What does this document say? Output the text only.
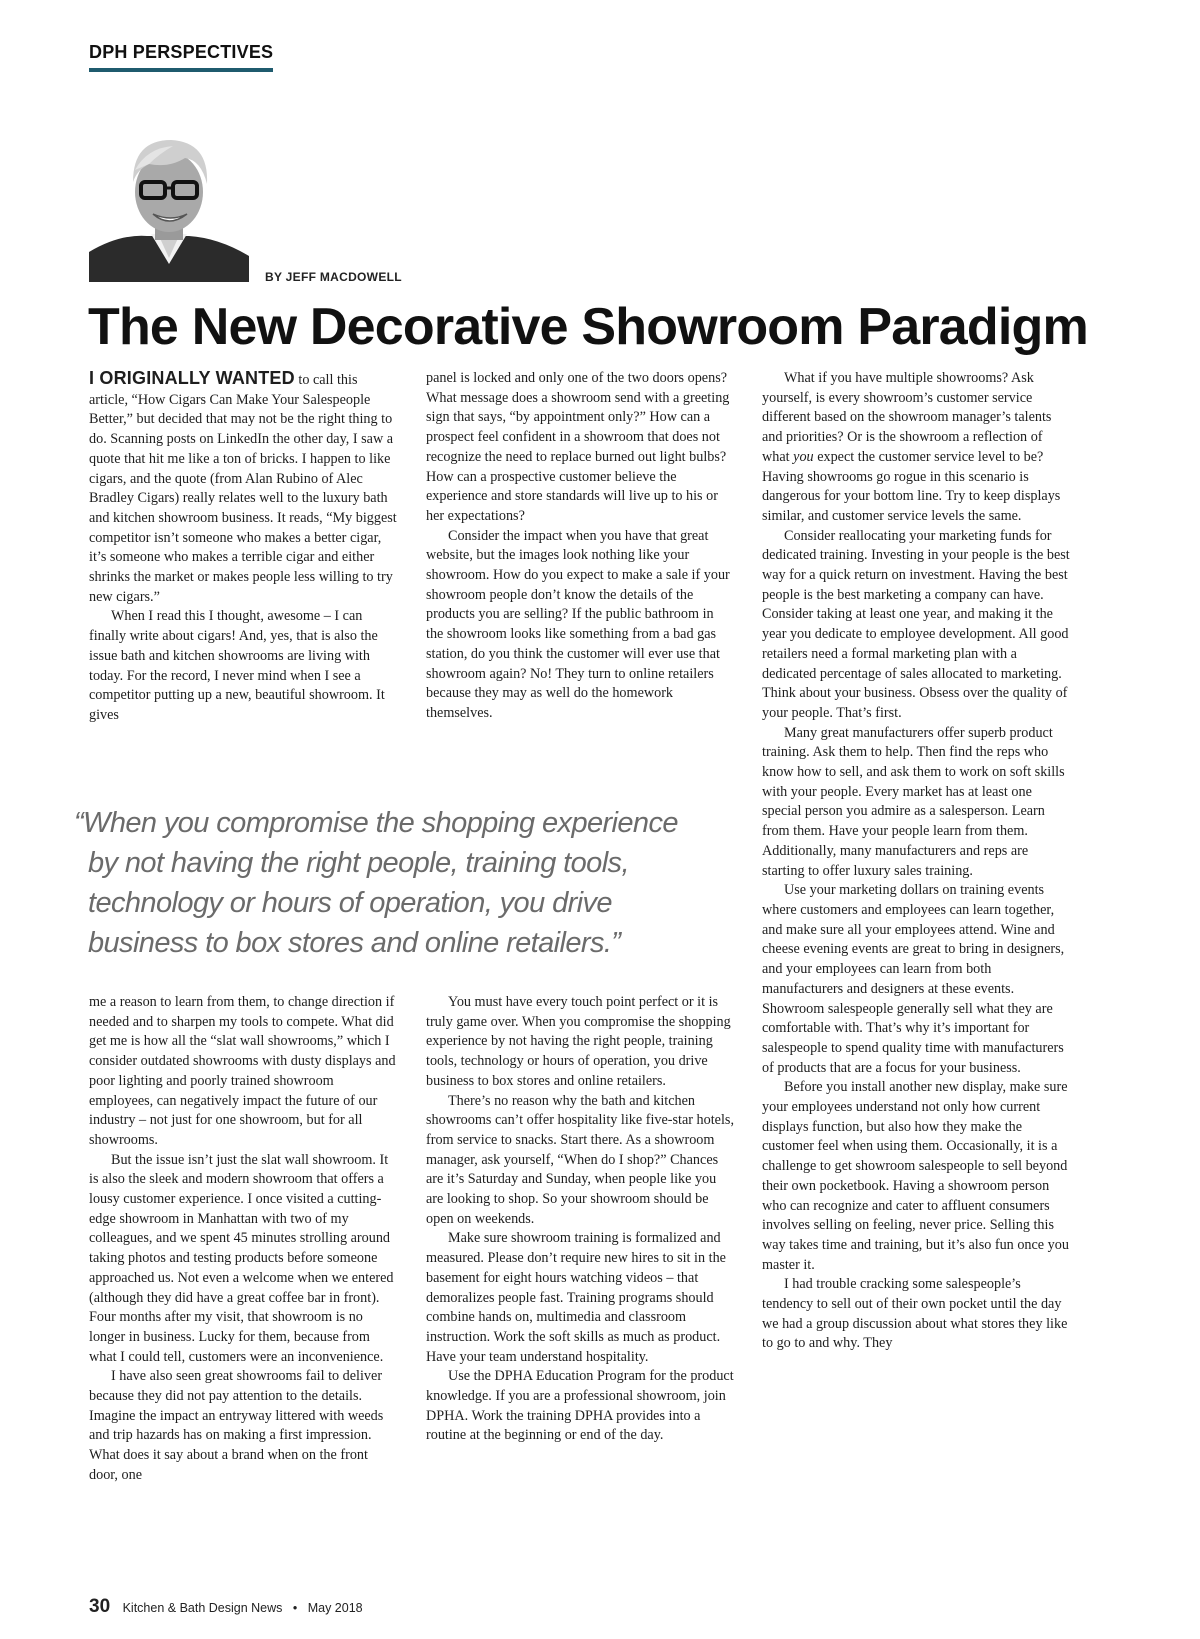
DPH PERSPECTIVES
BY JEFF MACDOWELL
The New Decorative Showroom Paradigm

I ORIGINALLY WANTED to call this article, “How Cigars Can Make Your Salespeople Better,” but decided that may not be the right thing to do. Scanning posts on LinkedIn the other day, I saw a quote that hit me like a ton of bricks. I happen to like cigars, and the quote (from Alan Rubino of Alec Bradley Cigars) really relates well to the luxury bath and kitchen showroom business. It reads, “My biggest competitor isn’t someone who makes a better cigar, it’s someone who makes a terrible cigar and either shrinks the market or makes people less willing to try new cigars.”

When I read this I thought, awesome – I can finally write about cigars! And, yes, that is also the issue bath and kitchen showrooms are living with today. For the record, I never mind when I see a competitor putting up a new, beautiful showroom. It gives

panel is locked and only one of the two doors opens? What message does a showroom send with a greeting sign that says, “by appointment only?” How can a prospect feel confident in a showroom that does not recognize the need to replace burned out light bulbs? How can a prospective customer believe the experience and store standards will live up to his or her expectations?

Consider the impact when you have that great website, but the images look nothing like your showroom. How do you expect to make a sale if your showroom people don’t know the details of the products you are selling? If the public bathroom in the showroom looks like something from a bad gas station, do you think the customer will ever use that showroom again? No! They turn to online retailers because they may as well do the homework themselves.

What if you have multiple showrooms? Ask yourself, is every showroom’s customer service different based on the showroom manager’s talents and priorities? Or is the showroom a reflection of what you expect the customer service level to be? Having showrooms go rogue in this scenario is dangerous for your bottom line. Try to keep displays similar, and customer service levels the same.

Consider reallocating your marketing funds for dedicated training. Investing in your people is the best way for a quick return on investment. Having the best people is the best marketing a company can have. Consider taking at least one year, and making it the year you dedicate to employee development. All good retailers need a formal marketing plan with a dedicated percentage of sales allocated to marketing. Think about your business. Obsess over the quality of your people. That’s first.

Many great manufacturers offer superb product training. Ask them to help. Then find the reps who know how to sell, and ask them to work on soft skills with your people. Every market has at least one special person you admire as a salesperson. Learn from them. Have your people learn from them. Additionally, many manufacturers and reps are starting to offer luxury sales training.

Use your marketing dollars on training events where customers and employees can learn together, and make sure all your employees attend. Wine and cheese evening events are great to bring in designers, and your employees can learn from both manufacturers and designers at these events. Showroom salespeople generally sell what they are comfortable with. That’s why it’s important for salespeople to spend quality time with manufacturers of products that are a focus for your business.

Before you install another new display, make sure your employees understand not only how current displays function, but also how they make the customer feel when using them. Occasionally, it is a challenge to get showroom salespeople to sell beyond their own pocketbook. Having a showroom person who can recognize and cater to affluent consumers involves selling on feeling, never price. Selling this way takes time and training, but it’s also fun once you master it.

I had trouble cracking some salespeople’s tendency to sell out of their own pocket until the day we had a group discussion about what stores they like to go to and why. They

“When you compromise the shopping experience
by not having the right people, training tools,
technology or hours of operation, you drive
business to box stores and online retailers.”

me a reason to learn from them, to change direction if needed and to sharpen my tools to compete. What did get me is how all the “slat wall showrooms,” which I consider outdated showrooms with dusty displays and poor lighting and poorly trained showroom employees, can negatively impact the future of our industry – not just for one showroom, but for all showrooms.

But the issue isn’t just the slat wall showroom. It is also the sleek and modern showroom that offers a lousy customer experience. I once visited a cutting-edge showroom in Manhattan with two of my colleagues, and we spent 45 minutes strolling around taking photos and testing products before someone approached us. Not even a welcome when we entered (although they did have a great coffee bar in front). Four months after my visit, that showroom is no longer in business. Lucky for them, because from what I could tell, customers were an inconvenience.

I have also seen great showrooms fail to deliver because they did not pay attention to the details. Imagine the impact an entryway littered with weeds and trip hazards has on making a first impression. What does it say about a brand when on the front door, one

You must have every touch point perfect or it is truly game over. When you compromise the shopping experience by not having the right people, training tools, technology or hours of operation, you drive business to box stores and online retailers.

There’s no reason why the bath and kitchen showrooms can’t offer hospitality like five-star hotels, from service to snacks. Start there. As a showroom manager, ask yourself, “When do I shop?” Chances are it’s Saturday and Sunday, when people like you are looking to shop. So your showroom should be open on weekends.

Make sure showroom training is formalized and measured. Please don’t require new hires to sit in the basement for eight hours watching videos – that demoralizes people fast. Training programs should combine hands on, multimedia and classroom instruction. Work the soft skills as much as product. Have your team understand hospitality.

Use the DPHA Education Program for the product knowledge. If you are a professional showroom, join DPHA. Work the training DPHA provides into a routine at the beginning or end of the day.

30 Kitchen & Bath Design News • May 2018
